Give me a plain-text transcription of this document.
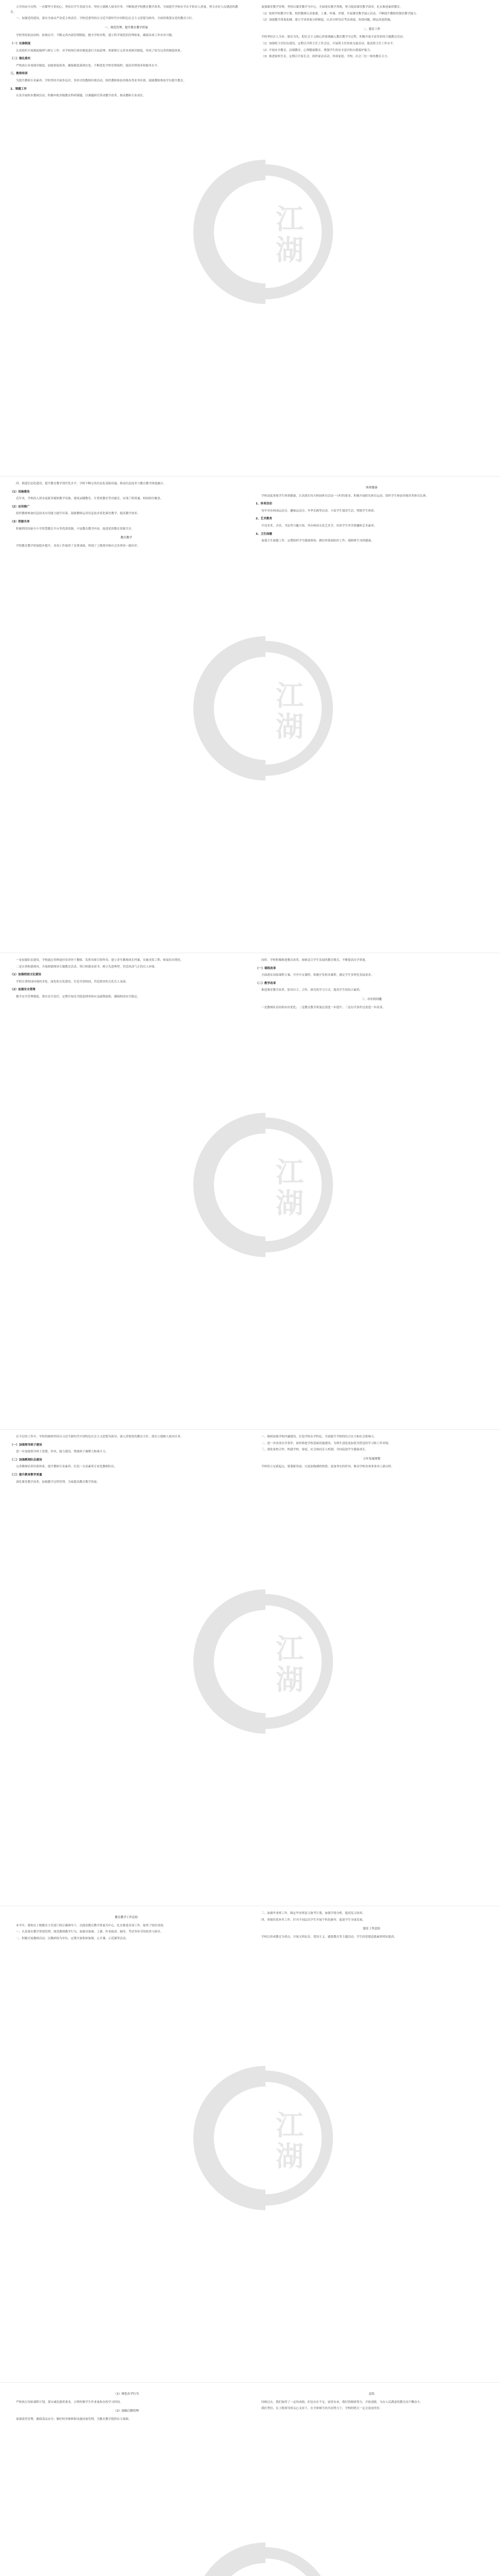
五年的奋斗历程，一直都坚守着初心，坚持以学生发展为本，坚持立德树人根本任务，不断推进学校教育教学改革，全面提升学校办学水平和育人质量，努力办好人民满意的教育。

一、加强党的建设，落实全面从严治党主体责任，学校党委坚持以习近平新时代中国特色社会主义思想为指导，全面贯彻落实党的教育方针。

一、规范管理，提升教育教学质量

学校坚持依法治校、依规办学，不断完善内部管理制度，健全学校章程，建立科学规范的管理体系，确保各项工作有章可循。

（一）完善制度

认真组织开展制度梳理与修订工作，对学校现行规章制度进行全面清理，重新修订完善各项规章制度，形成了较为完善的制度体系。

（二）强化落实

严格执行各项规章制度，加强督促检查，确保制度落到实处。不断优化学校管理流程，提高管理效率和服务水平。

三、教师培训

为提升教师专业素养，学校坚持开展多层次、多形式的教师培训活动，组织教师参加各级各类业务培训，鼓励教师参加学历提升教育。

1、课题工作

认真开展校本教研活动，积极申报各级教育科研课题，以课题研究带动教学改革，推动教师专业成长。

加强课堂教学管理，坚持以课堂教学为中心，全面落实教学常规，努力提高课堂教学效率，扎实推进素质教育。

（1）按照学校教学计划，组织教师认真备课、上课、听课、评课，开展课堂教学展示活动，不断提升教师的课堂教学能力。

（2）加强教学质量监测，建立学业质量分析制度，认真分析每次考试成绩，查找问题，制定改进措施。

二、德育工作

学校坚持育人为本、德育为先，把社会主义核心价值观融入教育教学全过程，积极开展丰富多彩的主题教育活动。

（1）加强班主任队伍建设，定期召开班主任工作会议，开展班主任经验交流活动，提高班主任工作水平。

（2）开展安全教育、法制教育、心理健康教育，增强学生的安全意识和自我保护能力。

（3）推进家校共育，定期召开家长会，组织家访活动，形成家庭、学校、社会三位一体的教育合力。

江湖

四、推进信息化建设，提升教育教学现代化水平。学校不断完善信息化基础设施，推动信息技术与教育教学深度融合。

（1）设施建设

近年来，学校投入资金更新多媒体教学设备，建成录播教室、计算机教室等功能室，实现了班班通、校园网全覆盖。

（2）应用推广

组织教师参加信息技术应用能力提升培训，鼓励教师运用信息技术优化课堂教学，提高教学效率。

（3）资源共享

积极利用国家中小学智慧教育平台等优质资源，丰富教育教学内容，促进优质教育资源共享。

教育教学

学校教育教学质量稳步提升，各项工作取得了显著成绩，得到了上级领导和社会各界的一致好评。

体质健康

学校高度重视学生体质健康，认真落实每天校园体育活动一小时的要求，积极开展阳光体育运动，组织学生参加各级各类体育比赛。

1、体育活动

每年举办校园运动会、趣味运动会、冬季长跑等活动，丰富学生课余生活，增强学生体质。

2、艺术教育

开设美术、音乐、书法等兴趣小组，举办校园文化艺术节，培养学生审美情趣和艺术素养。

3、卫生保健

加强卫生保健工作，定期组织学生健康体检，做好传染病防控工作，保障师生身体健康。

江湖

一是加强队伍建设。学校通过多种途径培养骨干教师，发挥名师引领作用，建立青年教师成长档案，实施青蓝工程，师徒结对帮扶。

二是注重师德师风。开展师德师风专题教育活动，签订师德承诺书，树立先进典型，营造风清气正的育人环境。

（1）加强校园文化建设

学校注重校园环境的美化、绿化和文化建设，打造书香校园，营造浓厚的文化育人氛围。

（2）加强安全管理

健全安全管理制度，落实安全责任，定期开展安全隐患排查和应急疏散演练，确保校园安全稳定。

同时，学校积极推进教育改革，探索适合学生发展的教育模式，不断提高办学质量。

（一）课程改革

全面落实国家课程方案，开齐开足课程，积极开发校本课程，满足学生多样化发展需求。

（二）教学改革

推进课堂教学改革，倡导自主、合作、探究的学习方式，提高学生的综合素质。

三、存在的问题

一是教师队伍结构有待优化；二是教育教学质量还需进一步提升；三是办学条件还需进一步改善。

江湖

在今后的工作中，学校将继续坚持以习近平新时代中国特色社会主义思想为指导，深入贯彻党的教育方针，落实立德树人根本任务。

（一）加强领导班子建设

进一步加强领导班子思想、作风、能力建设，增强班子凝聚力和战斗力。

（二）加强教师队伍建设

完善教师培养培训体系，提升教师专业素养，打造一支高素质专业化教师队伍。

（三）提升教育教学质量

深化课堂教学改革，加强教学过程管理，全面提高教育教学质量。

一、继续加强学校内涵建设，打造学校办学特色，全面提升学校的综合实力和社会影响力。

二、进一步改善办学条件，加快推进学校基础设施建设，为师生创造更加优美舒适的学习和工作环境。

三、深化家校合作，构建学校、家庭、社会协同育人机制，共同促进学生健康成长。

五年发展规划

学校将立足新起点，谋划新发展，以更加饱满的热情、更加务实的作风，推动学校各项事业再上新台阶。

江湖

教育教学工作总结

本学年，我校在上级教育主管部门的正确领导下，以提高教育教学质量为中心，扎实推进各项工作，取得了较好成效。

一、认真落实教学常规管理，规范教师教学行为，加强对备课、上课、作业批改、辅导、考试等环节的检查与指导。

二、积极开展教研活动，以教研组为单位，定期开展集体备课、公开课、示范课等活动。

三、加强毕业班工作，制定毕业班复习备考计划，加强学情分析，提高复习效率。

四、重视培优补差工作，针对不同层次学生开展个性化辅导，促进学生全面发展。

德育工作总结

学校以养成教育为重点，开展文明礼仪、爱国主义、感恩教育等主题活动，学生的思想道德素质明显提高。

江湖

（1）规范办学行为

严格执行国家课程计划，落实减负提质要求，合理控制学生作业量和在校学习时间。

（2）加强后勤管理

加强食堂管理，确保食品安全；做好校舍维修和设施设备管理，为教育教学提供有力保障。

总结

回顾过去，我们取得了一定的成绩，但也存在不足。展望未来，我们将继续努力，开拓创新，为办人民满意的教育而不懈奋斗。

我们坚信，在上级领导的关心支持下，在全体师生的共同努力下，学校的明天一定会更加美好。
